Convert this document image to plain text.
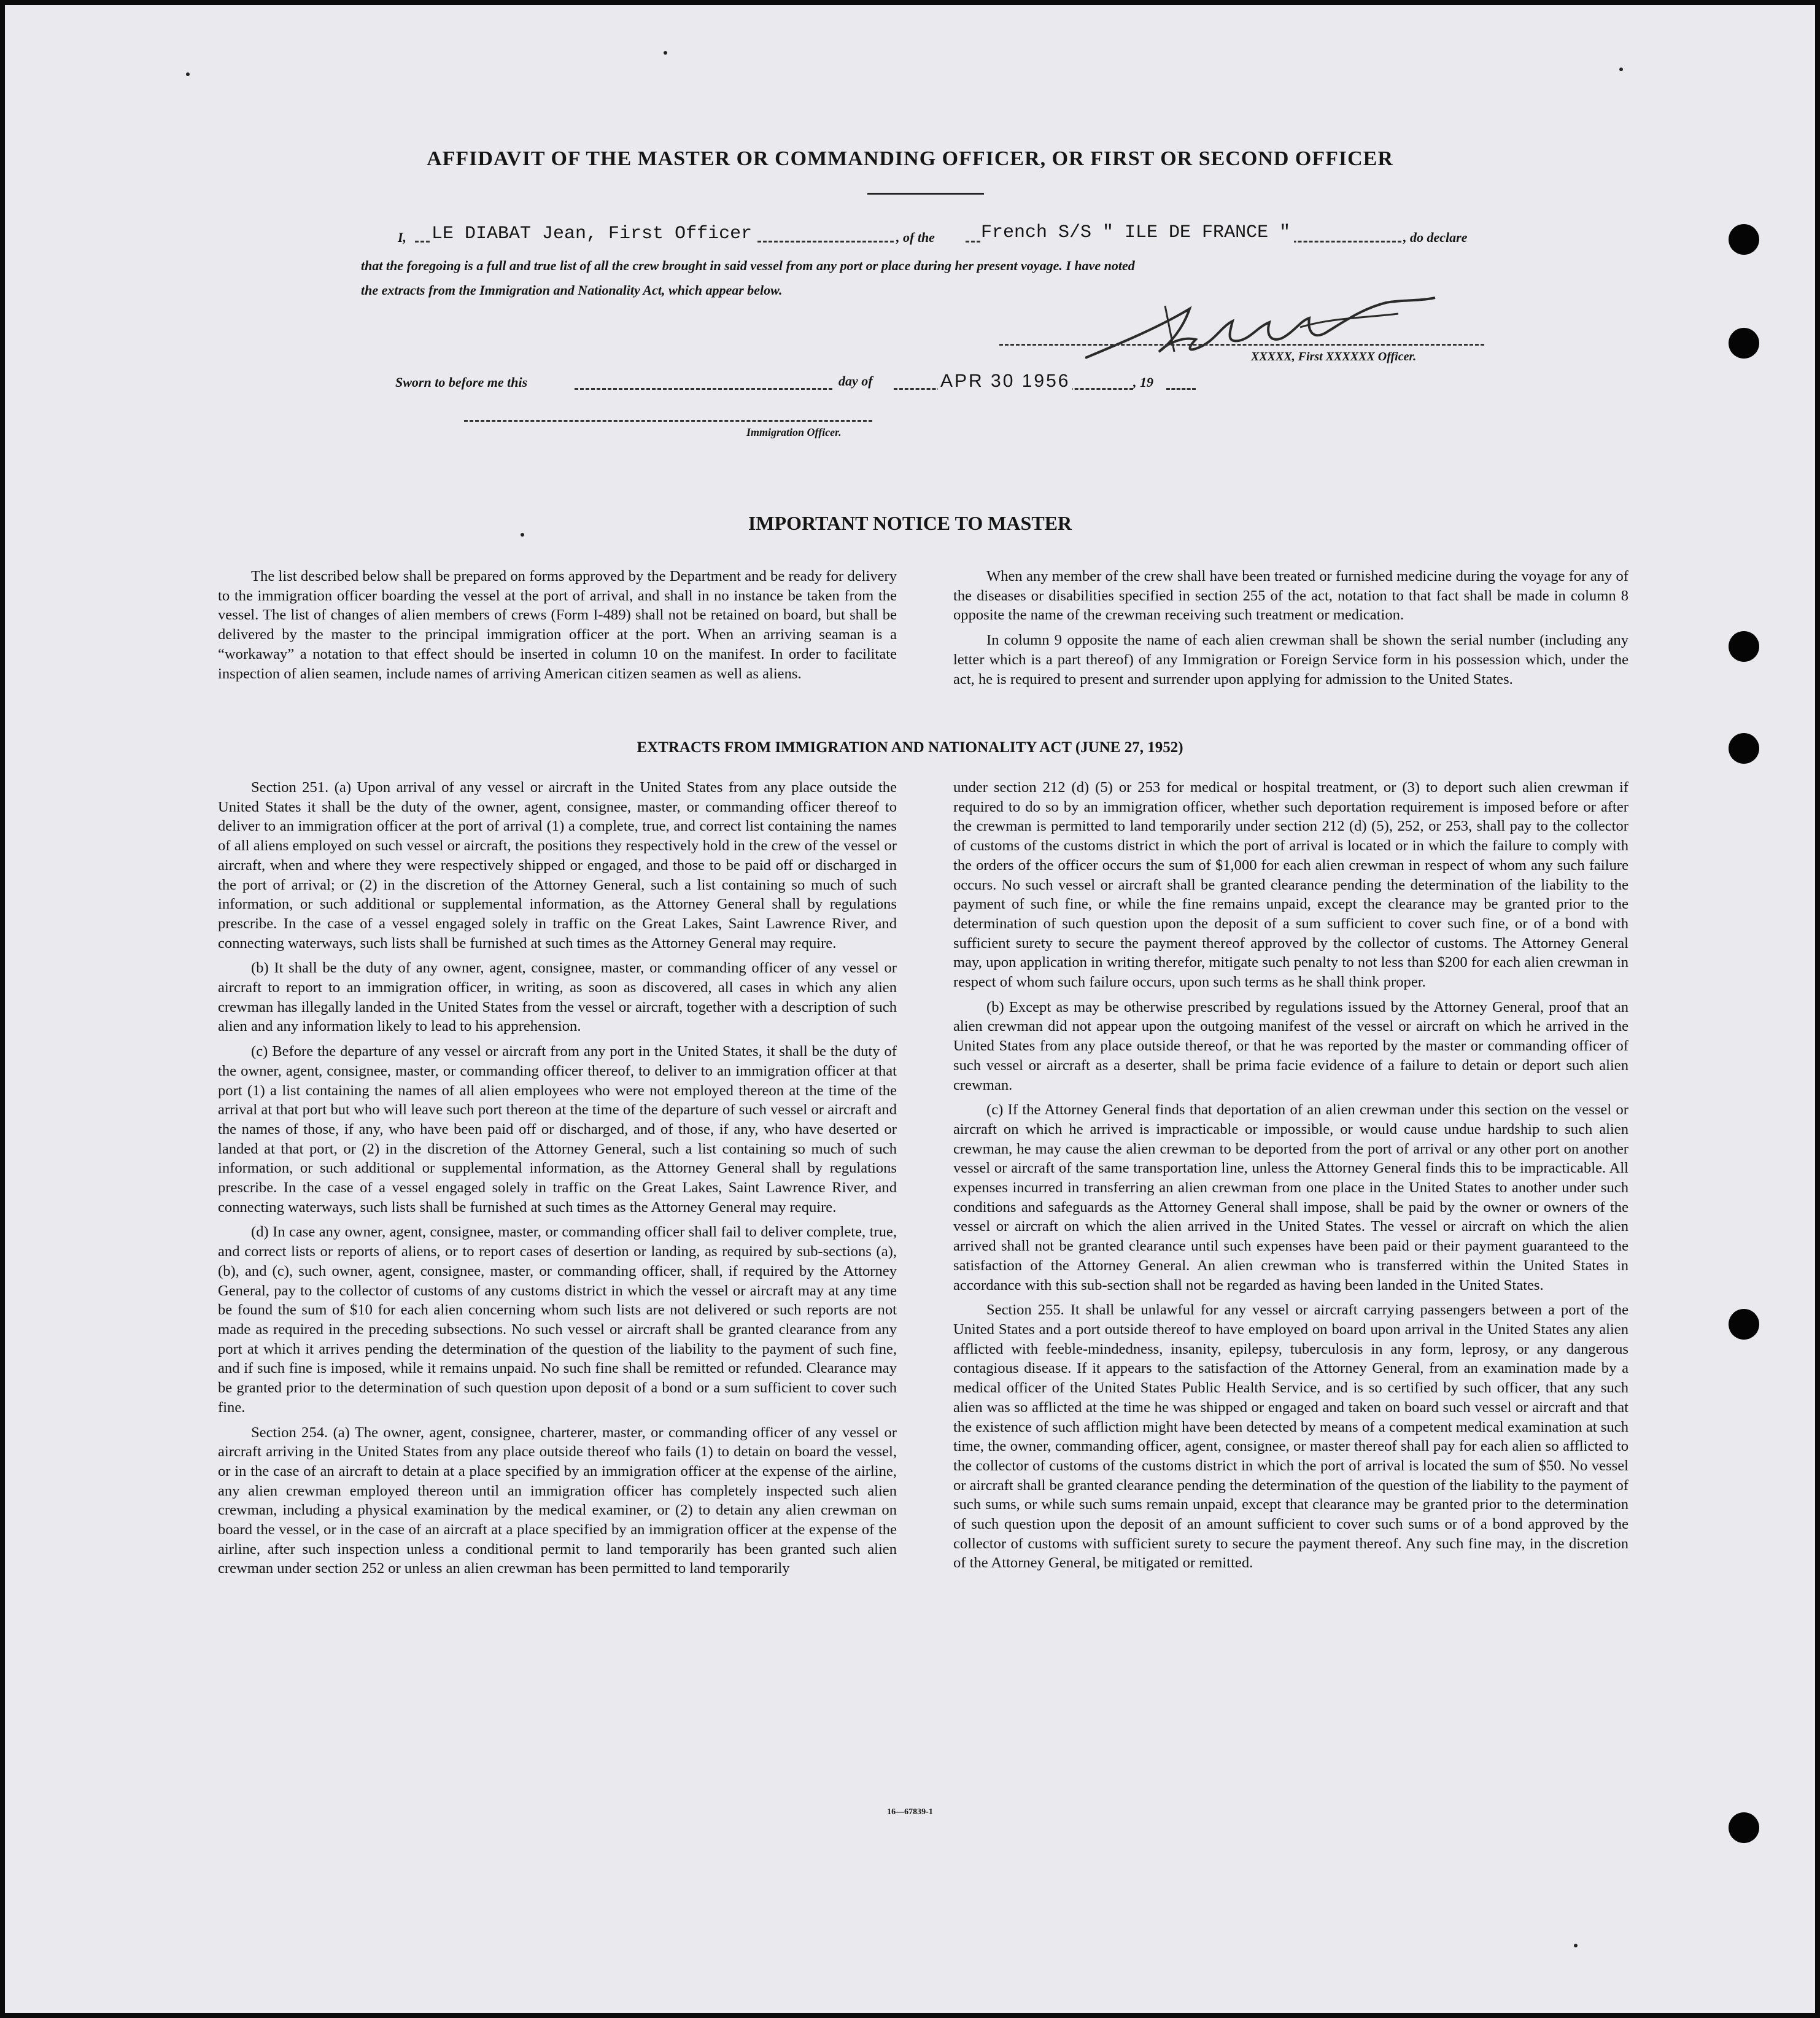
AFFIDAVIT OF THE MASTER OR COMMANDING OFFICER, OR FIRST OR SECOND OFFICER
I, LE DIABAT Jean, First Officer	, of the	French S/S " ILE DE FRANCE "	, do declare
that the foregoing is a full and true list of all the crew brought in said vessel from any port or place during her present voyage. I have noted
the extracts from the Immigration and Nationality Act, which appear below.
XXXXX, First XXXXXX Officer.
Sworn to before me this	day of	APR 30 1956	, 19
Immigration Officer.
IMPORTANT NOTICE TO MASTER

The list described below shall be prepared on forms approved by the Department and be ready for delivery to the immigration officer boarding the vessel at the port of arrival, and shall in no instance be taken from the vessel. The list of changes of alien members of crews (Form I-489) shall not be retained on board, but shall be delivered by the master to the principal immigration officer at the port. When an arriving seaman is a “workaway” a notation to that effect should be inserted in column 10 on the manifest. In order to facilitate inspection of alien seamen, include names of arriving American citizen seamen as well as aliens.

When any member of the crew shall have been treated or furnished medicine during the voyage for any of the diseases or disabilities specified in section 255 of the act, notation to that fact shall be made in column 8 opposite the name of the crewman receiving such treatment or medication.

In column 9 opposite the name of each alien crewman shall be shown the serial number (including any letter which is a part thereof) of any Immigration or Foreign Service form in his possession which, under the act, he is required to present and surrender upon applying for admission to the United States.

EXTRACTS FROM IMMIGRATION AND NATIONALITY ACT (JUNE 27, 1952)

Section 251. (a) Upon arrival of any vessel or aircraft in the United States from any place outside the United States it shall be the duty of the owner, agent, consignee, master, or commanding officer thereof to deliver to an immigration officer at the port of arrival (1) a complete, true, and correct list containing the names of all aliens employed on such vessel or aircraft, the positions they respectively hold in the crew of the vessel or aircraft, when and where they were respectively shipped or engaged, and those to be paid off or discharged in the port of arrival; or (2) in the discretion of the Attorney General, such a list containing so much of such information, or such additional or supplemental information, as the Attorney General shall by regulations prescribe. In the case of a vessel engaged solely in traffic on the Great Lakes, Saint Lawrence River, and connecting waterways, such lists shall be furnished at such times as the Attorney General may require.

(b) It shall be the duty of any owner, agent, consignee, master, or commanding officer of any vessel or aircraft to report to an immigration officer, in writing, as soon as discovered, all cases in which any alien crewman has illegally landed in the United States from the vessel or aircraft, together with a description of such alien and any information likely to lead to his apprehension.

(c) Before the departure of any vessel or aircraft from any port in the United States, it shall be the duty of the owner, agent, consignee, master, or commanding officer thereof, to deliver to an immigration officer at that port (1) a list containing the names of all alien employees who were not employed thereon at the time of the arrival at that port but who will leave such port thereon at the time of the departure of such vessel or aircraft and the names of those, if any, who have been paid off or discharged, and of those, if any, who have deserted or landed at that port, or (2) in the discretion of the Attorney General, such a list containing so much of such information, or such additional or supplemental information, as the Attorney General shall by regulations prescribe. In the case of a vessel engaged solely in traffic on the Great Lakes, Saint Lawrence River, and connecting waterways, such lists shall be furnished at such times as the Attorney General may require.

(d) In case any owner, agent, consignee, master, or commanding officer shall fail to deliver complete, true, and correct lists or reports of aliens, or to report cases of desertion or landing, as required by sub-sections (a), (b), and (c), such owner, agent, consignee, master, or commanding officer, shall, if required by the Attorney General, pay to the collector of customs of any customs district in which the vessel or aircraft may at any time be found the sum of $10 for each alien concerning whom such lists are not delivered or such reports are not made as required in the preceding subsections. No such vessel or aircraft shall be granted clearance from any port at which it arrives pending the determination of the question of the liability to the payment of such fine, and if such fine is imposed, while it remains unpaid. No such fine shall be remitted or refunded. Clearance may be granted prior to the determination of such question upon deposit of a bond or a sum sufficient to cover such fine.

Section 254. (a) The owner, agent, consignee, charterer, master, or commanding officer of any vessel or aircraft arriving in the United States from any place outside thereof who fails (1) to detain on board the vessel, or in the case of an aircraft to detain at a place specified by an immigration officer at the expense of the airline, any alien crewman employed thereon until an immigration officer has completely inspected such alien crewman, including a physical examination by the medical examiner, or (2) to detain any alien crewman on board the vessel, or in the case of an aircraft at a place specified by an immigration officer at the expense of the airline, after such inspection unless a conditional permit to land temporarily has been granted such alien crewman under section 252 or unless an alien crewman has been permitted to land temporarily

under section 212 (d) (5) or 253 for medical or hospital treatment, or (3) to deport such alien crewman if required to do so by an immigration officer, whether such deportation requirement is imposed before or after the crewman is permitted to land temporarily under section 212 (d) (5), 252, or 253, shall pay to the collector of customs of the customs district in which the port of arrival is located or in which the failure to comply with the orders of the officer occurs the sum of $1,000 for each alien crewman in respect of whom any such failure occurs. No such vessel or aircraft shall be granted clearance pending the determination of the liability to the payment of such fine, or while the fine remains unpaid, except the clearance may be granted prior to the determination of such question upon the deposit of a sum sufficient to cover such fine, or of a bond with sufficient surety to secure the payment thereof approved by the collector of customs. The Attorney General may, upon application in writing therefor, mitigate such penalty to not less than $200 for each alien crewman in respect of whom such failure occurs, upon such terms as he shall think proper.

(b) Except as may be otherwise prescribed by regulations issued by the Attorney General, proof that an alien crewman did not appear upon the outgoing manifest of the vessel or aircraft on which he arrived in the United States from any place outside thereof, or that he was reported by the master or commanding officer of such vessel or aircraft as a deserter, shall be prima facie evidence of a failure to detain or deport such alien crewman.

(c) If the Attorney General finds that deportation of an alien crewman under this section on the vessel or aircraft on which he arrived is impracticable or impossible, or would cause undue hardship to such alien crewman, he may cause the alien crewman to be deported from the port of arrival or any other port on another vessel or aircraft of the same transportation line, unless the Attorney General finds this to be impracticable. All expenses incurred in transferring an alien crewman from one place in the United States to another under such conditions and safeguards as the Attorney General shall impose, shall be paid by the owner or owners of the vessel or aircraft on which the alien arrived in the United States. The vessel or aircraft on which the alien arrived shall not be granted clearance until such expenses have been paid or their payment guaranteed to the satisfaction of the Attorney General. An alien crewman who is transferred within the United States in accordance with this sub-section shall not be regarded as having been landed in the United States.

Section 255. It shall be unlawful for any vessel or aircraft carrying passengers between a port of the United States and a port outside thereof to have employed on board upon arrival in the United States any alien afflicted with feeble-mindedness, insanity, epilepsy, tuberculosis in any form, leprosy, or any dangerous contagious disease. If it appears to the satisfaction of the Attorney General, from an examination made by a medical officer of the United States Public Health Service, and is so certified by such officer, that any such alien was so afflicted at the time he was shipped or engaged and taken on board such vessel or aircraft and that the existence of such affliction might have been detected by means of a competent medical examination at such time, the owner, commanding officer, agent, consignee, or master thereof shall pay for each alien so afflicted to the collector of customs of the customs district in which the port of arrival is located the sum of $50. No vessel or aircraft shall be granted clearance pending the determination of the question of the liability to the payment of such sums, or while such sums remain unpaid, except that clearance may be granted prior to the determination of such question upon the deposit of an amount sufficient to cover such sums or of a bond approved by the collector of customs with sufficient surety to secure the payment thereof. Any such fine may, in the discretion of the Attorney General, be mitigated or remitted.

16—67839-1
